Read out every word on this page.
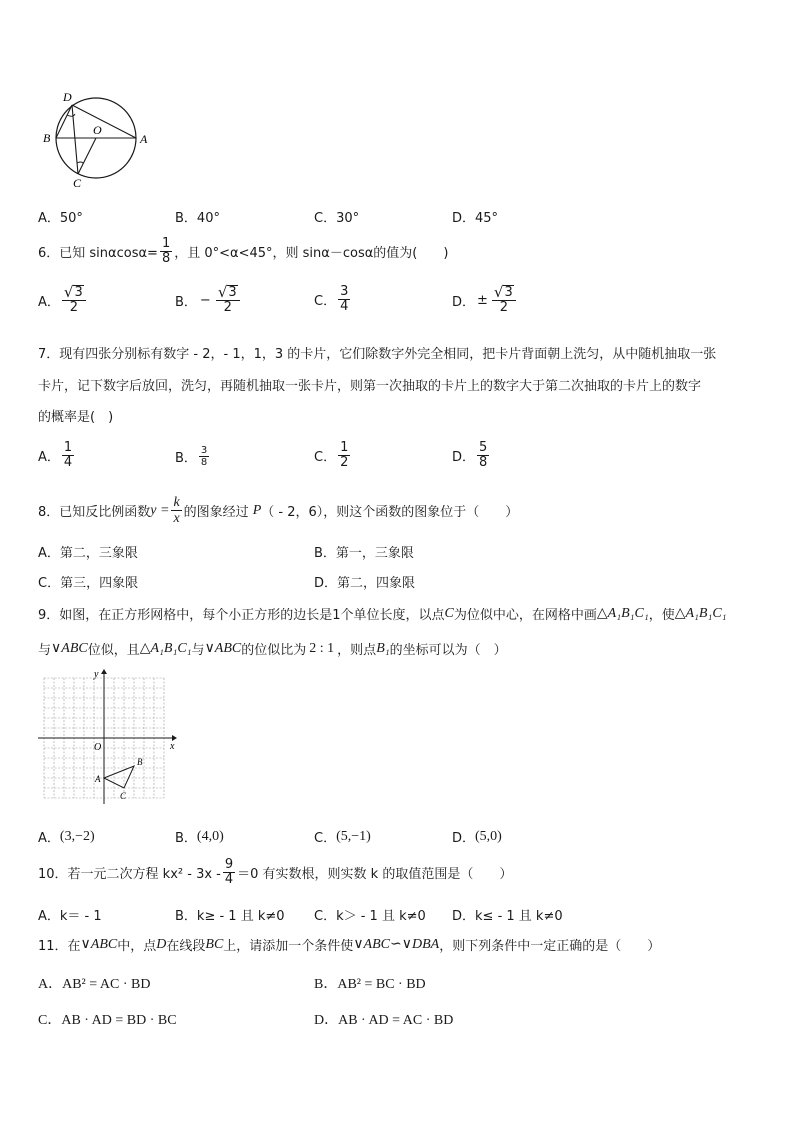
D
B
O
A
C
A．50°	B．40°	C．30°	D．45°
6．已知 $\sin\alpha\cos\alpha= \frac{1}{8}$ ，且 0°<α<45°，则 sinα－cosα的值为(　　)
A． $\frac{√ 3}{2}$	B． − $\frac{√ 3}{2}$	C． $\frac{3}{4}$	D． ± $\frac{√ 3}{2}$
7．现有四张分别标有数字 - 2，- 1，1，3 的卡片，它们除数字外完全相同，把卡片背面朝上洗匀，从中随机抽取一张
卡片，记下数字后放回，洗匀，再随机抽取一张卡片，则第一次抽取的卡片上的数字大于第二次抽取的卡片上的数字
的概率是(　)
A． $\frac{1}{4}$	B． $\frac{3}{8}$	C． $\frac{1}{2}$	D． $\frac{5}{8}$
8．已知反比例函数 $y = \frac{k}{x}$ 的图象经过 P （ - 2，6），则这个函数的图象位于（　　）
A．第二，三象限	B．第一，三象限
C．第三，四象限	D．第二，四象限
9．如图，在正方形网格中，每个小正方形的边长是1个单位长度，以点 C 为位似中心，在网格中画 △A₁B₁C₁ ，使 △A₁B₁C₁
与 ∨ABC 位似，且 △A₁B₁C₁ 与 ∨ABC 的位似比为 2 : 1 ，则点 B₁ 的坐标可以为（　）
y
x
O
A
B
C
A． (3,−2)	B． (4,0)	C． (5,−1)	D． (5,0)
10．若一元二次方程 $kx^2 - 3x - \frac{9}{4} =0$ 有实数根，则实数 k 的取值范围是（　　）
A．k＝ - 1	B．k≥ - 1 且 k≠0 C．k＞ - 1 且 k≠0 D．k≤ - 1 且 k≠0
11．在 ∨ABC 中，点 D 在线段 BC 上，请添加一个条件使 ∨ABC∽∨DBA ，则下列条件中一定正确的是（　　）
A．AB² = AC · BD	B．AB² = BC · BD
C．AB · AD = BD · BC	D．AB · AD = AC · BD
